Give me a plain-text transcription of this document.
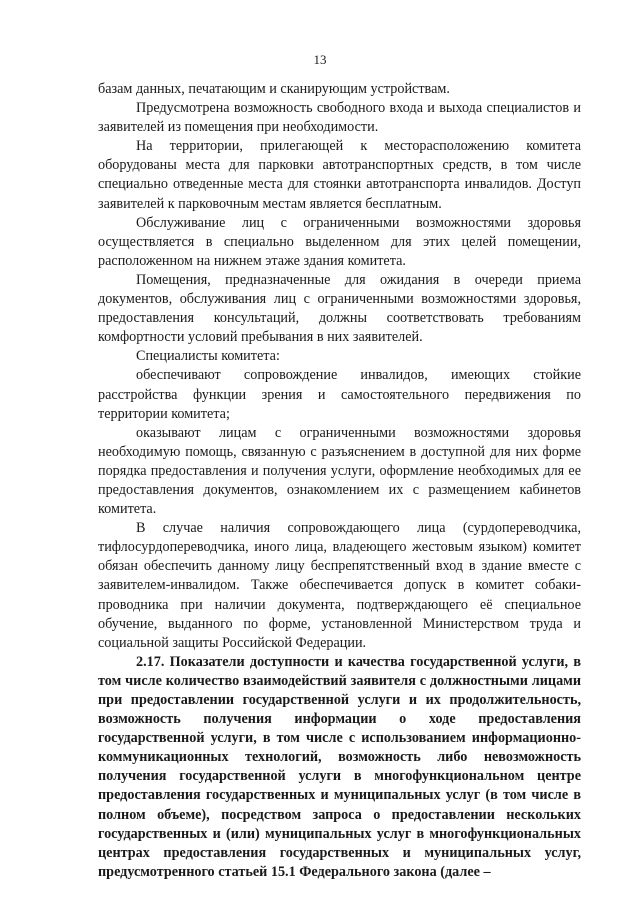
13

базам данных, печатающим и сканирующим устройствам.

Предусмотрена возможность свободного входа и выхода специалистов и заявителей из помещения при необходимости.

На территории, прилегающей к месторасположению комитета оборудованы места для парковки автотранспортных средств, в том числе специально отведенные места для стоянки автотранспорта инвалидов. Доступ заявителей к парковочным местам является бесплатным.

Обслуживание лиц с ограниченными возможностями здоровья осуществляется в специально выделенном для этих целей помещении, расположенном на нижнем этаже здания комитета.

Помещения, предназначенные для ожидания в очереди приема документов, обслуживания лиц с ограниченными возможностями здоровья, предоставления консультаций, должны соответствовать требованиям комфортности условий пребывания в них заявителей.

Специалисты комитета:

обеспечивают сопровождение инвалидов, имеющих стойкие расстройства функции зрения и самостоятельного передвижения по территории комитета;

оказывают лицам с ограниченными возможностями здоровья необходимую помощь, связанную с разъяснением в доступной для них форме порядка предоставления и получения услуги, оформление необходимых для ее предоставления документов, ознакомлением их с размещением кабинетов комитета.

В случае наличия сопровождающего лица (сурдопереводчика, тифлосурдопереводчика, иного лица, владеющего жестовым языком) комитет обязан обеспечить данному лицу беспрепятственный вход в здание вместе с заявителем-инвалидом. Также обеспечивается допуск в комитет собаки-проводника при наличии документа, подтверждающего её специальное обучение, выданного по форме, установленной Министерством труда и социальной защиты Российской Федерации.

2.17. Показатели доступности и качества государственной услуги, в том числе количество взаимодействий заявителя с должностными лицами при предоставлении государственной услуги и их продолжительность, возможность получения информации о ходе предоставления государственной услуги, в том числе с использованием информационно-коммуникационных технологий, возможность либо невозможность получения государственной услуги в многофункциональном центре предоставления государственных и муниципальных услуг (в том числе в полном объеме), посредством запроса о предоставлении нескольких государственных и (или) муниципальных услуг в многофункциональных центрах предоставления государственных и муниципальных услуг, предусмотренного статьей 15.1 Федерального закона (далее –
